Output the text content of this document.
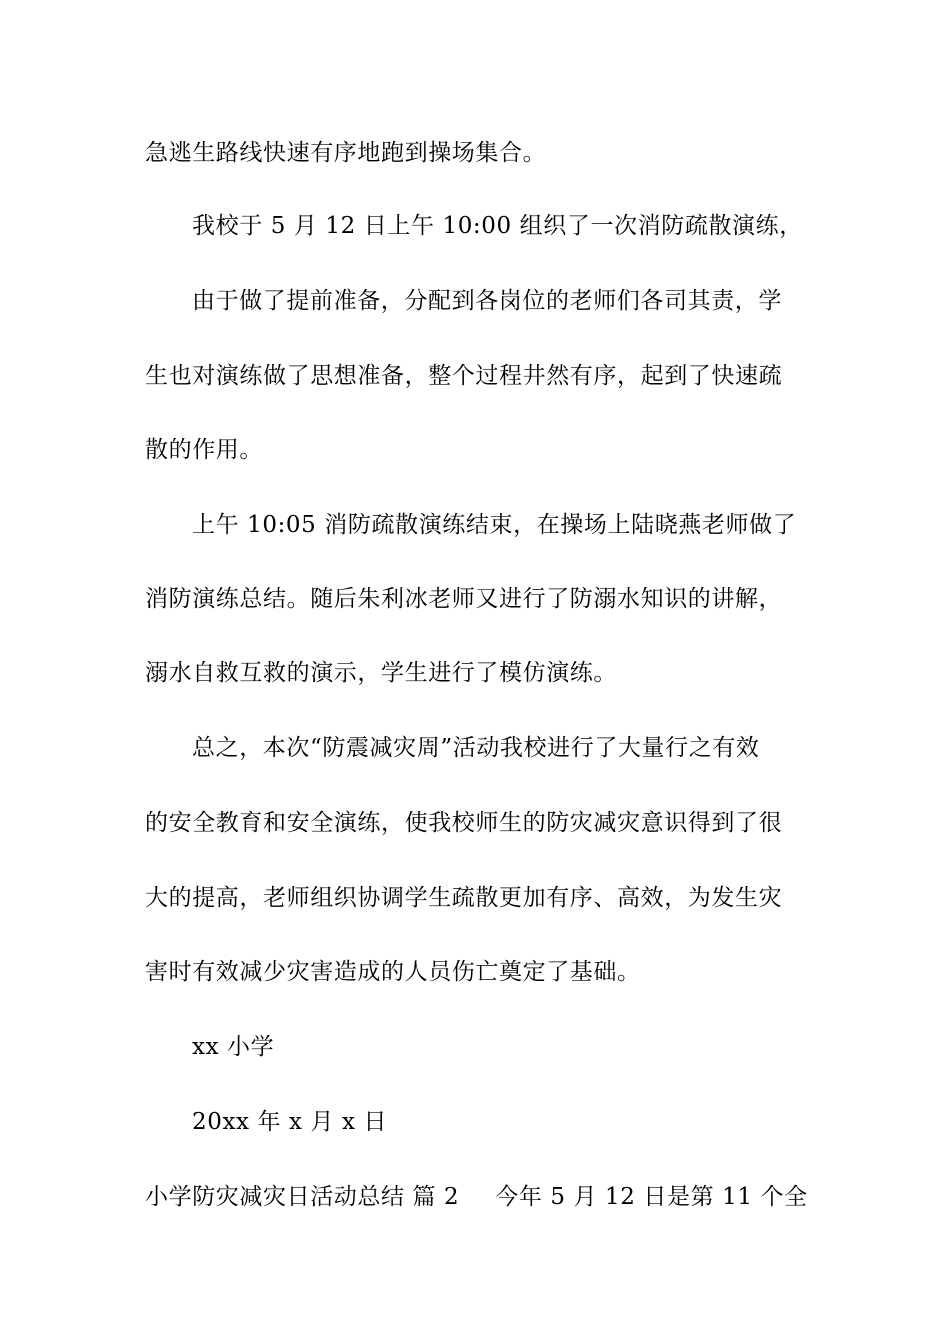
急逃生路线快速有序地跑到操场集合。
我校于 5 月 12 日上午 10:00 组织了一次消防疏散演练，
由于做了提前准备，分配到各岗位的老师们各司其责，学
生也对演练做了思想准备，整个过程井然有序，起到了快速疏
散的作用。
上午 10:05 消防疏散演练结束，在操场上陆晓燕老师做了
消防演练总结。随后朱利冰老师又进行了防溺水知识的讲解，
溺水自救互救的演示，学生进行了模仿演练。
总之，本次“防震减灾周”活动我校进行了大量行之有效
的安全教育和安全演练，使我校师生的防灾减灾意识得到了很
大的提高，老师组织协调学生疏散更加有序、高效，为发生灾
害时有效减少灾害造成的人员伤亡奠定了基础。
xx 小学
20xx 年 x 月 x 日
小学防灾减灾日活动总结 篇 2 今年 5 月 12 日是第 11 个全
